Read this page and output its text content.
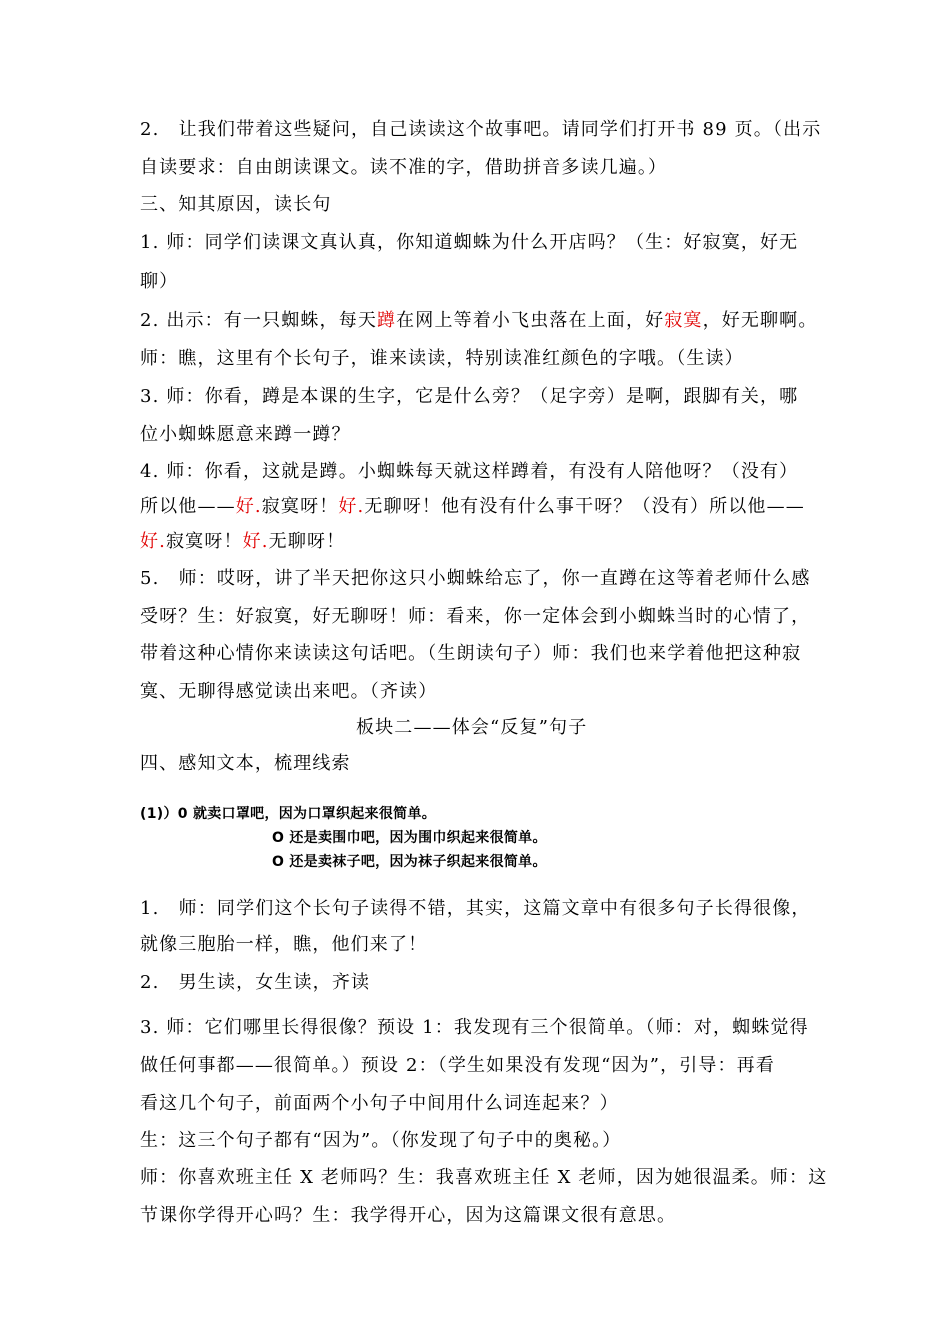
2.　让我们带着这些疑问，自己读读这个故事吧。请同学们打开书 89 页。（出示
自读要求：自由朗读课文。读不准的字，借助拼音多读几遍。）
三、知其原因，读长句
1. 师：同学们读课文真认真，你知道蜘蛛为什么开店吗？（生：好寂寞，好无
聊）
2. 出示：有一只蜘蛛，每天蹲在网上等着小飞虫落在上面，好寂寞，好无聊啊。
师：瞧，这里有个长句子，谁来读读，特别读准红颜色的字哦。（生读）
3. 师：你看，蹲是本课的生字，它是什么旁？（足字旁）是啊，跟脚有关，哪
位小蜘蛛愿意来蹲一蹲？
4. 师：你看，这就是蹲。小蜘蛛每天就这样蹲着，有没有人陪他呀？（没有）
所以他——好.寂寞呀！好.无聊呀！他有没有什么事干呀？（没有）所以他——
好.寂寞呀！好.无聊呀！
5.　师：哎呀，讲了半天把你这只小蜘蛛给忘了，你一直蹲在这等着老师什么感
受呀？生：好寂寞，好无聊呀！师：看来，你一定体会到小蜘蛛当时的心情了，
带着这种心情你来读读这句话吧。（生朗读句子）师：我们也来学着他把这种寂
寞、无聊得感觉读出来吧。（齐读）
板块二——体会“反复”句子
四、感知文本，梳理线索
(1)）0 就卖口罩吧，因为口罩织起来很简单。
O 还是卖围巾吧，因为围巾织起来很简单。
O 还是卖袜子吧，因为袜子织起来很简单。
1.　师：同学们这个长句子读得不错，其实，这篇文章中有很多句子长得很像，
就像三胞胎一样，瞧，他们来了！
2.　男生读，女生读，齐读
3. 师：它们哪里长得很像？预设 1：我发现有三个很简单。（师：对，蜘蛛觉得
做任何事都——很简单。）预设 2：（学生如果没有发现“因为”，引导：再看
看这几个句子，前面两个小句子中间用什么词连起来？）
生：这三个句子都有“因为”。（你发现了句子中的奥秘。）
师：你喜欢班主任 X 老师吗？生：我喜欢班主任 X 老师，因为她很温柔。师：这
节课你学得开心吗？生：我学得开心，因为这篇课文很有意思。
